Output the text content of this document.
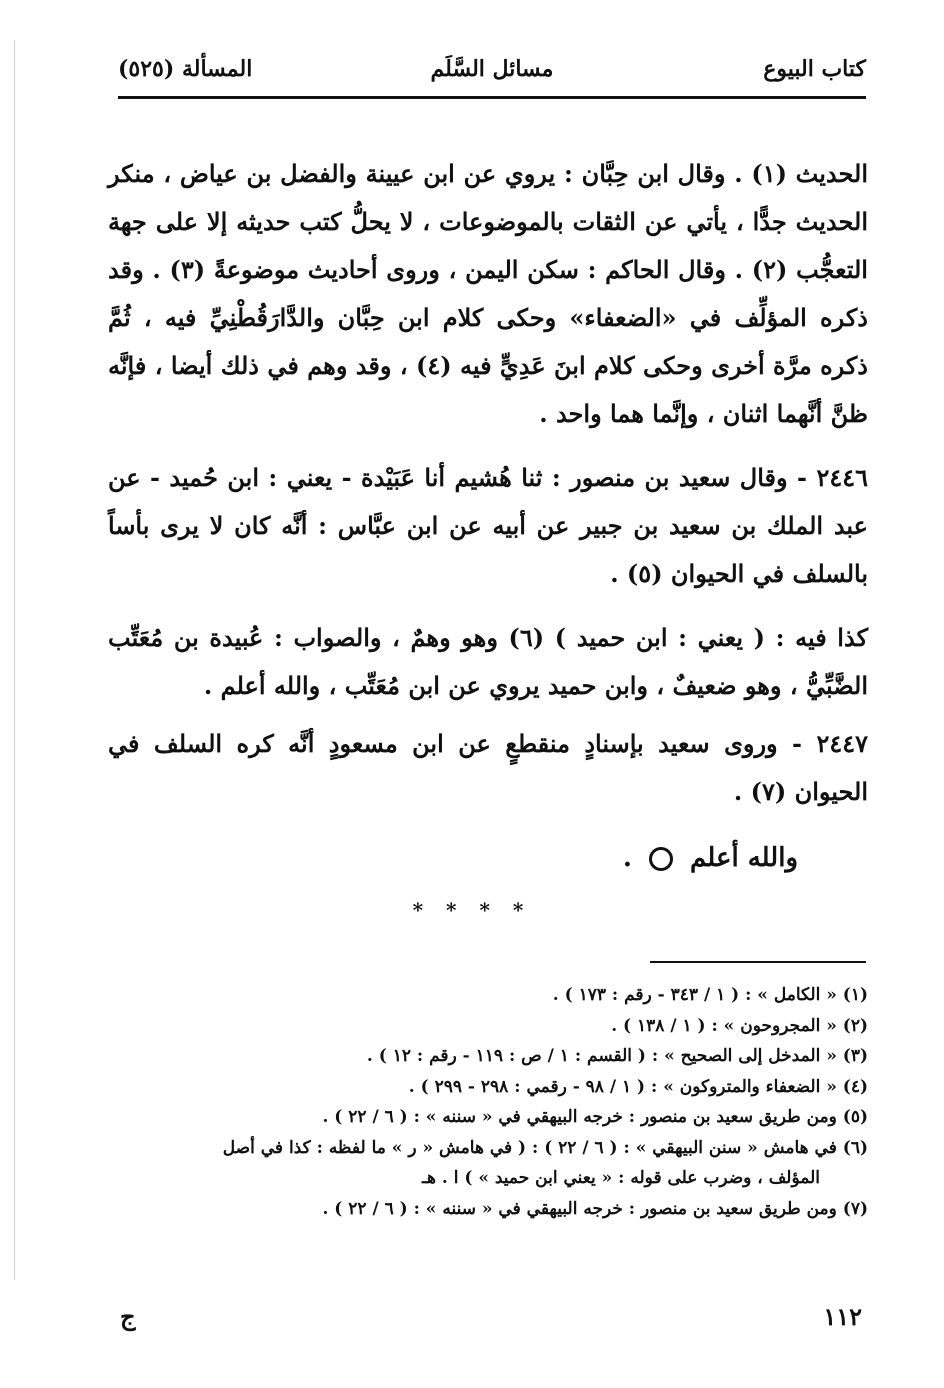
كتاب البيوع
مسائل السَّلَم
المسألة (٥٢٥)

الحديث (١) . وقال ابن حِبَّان : يروي عن ابن عيينة والفضل بن عياض ، منكر الحديث جدًّا ، يأتي عن الثقات بالموضوعات ، لا يحلُّ كتب حديثه إلا على جهة التعجُّب (٢) . وقال الحاكم : سكن اليمن ، وروى أحاديث موضوعةً (٣) . وقد ذكره المؤلِّف في «الضعفاء» وحكى كلام ابن حِبَّان والدَّارَقُطْنِيِّ فيه ، ثُمَّ ذكره مرَّة أخرى وحكى كلام ابنَ عَدِيٍّ فيه (٤) ، وقد وهم في ذلك أيضا ، فإنَّه ظنَّ أنَّهما اثنان ، وإنَّما هما واحد .

٢٤٤٦ - وقال سعيد بن منصور : ثنا هُشيم أنا عَبَيْدة - يعني : ابن حُميد - عن عبد الملك بن سعيد بن جبير عن أبيه عن ابن عبَّاس : أنَّه كان لا يرى بأساً بالسلف في الحيوان (٥) .

كذا فيه : ( يعني : ابن حميد ) (٦) وهو وهمٌ ، والصواب : عُبيدة بن مُعَتِّب الضَّبِّيُّ ، وهو ضعيفٌ ، وابن حميد يروي عن ابن مُعَتِّب ، والله أعلم .

٢٤٤٧ - وروى سعيد بإسنادٍ منقطعٍ عن ابن مسعودٍ أنَّه كره السلف في الحيوان (٧) .

والله أعلم  .
* * * *
(١) « الكامل » : ( ١ / ٣٤٣ - رقم : ١٧٣ ) .
(٢) « المجروحون » : ( ١ / ١٣٨ ) .
(٣) « المدخل إلى الصحيح » : ( القسم : ١ / ص : ١١٩ - رقم : ١٢ ) .
(٤) « الضعفاء والمتروكون » : ( ١ / ٩٨ - رقمي : ٢٩٨ - ٢٩٩ ) .
(٥) ومن طريق سعيد بن منصور : خرجه البيهقي في « سننه » : ( ٦ / ٢٢ ) .
(٦) في هامش « سنن البيهقي » : ( ٦ / ٢٢ ) : ( في هامش « ر » ما لفظه : كذا في أصل
المؤلف ، وضرب على قوله : « يعني ابن حميد » ) ا . هـ
(٧) ومن طريق سعيد بن منصور : خرجه البيهقي في « سننه » : ( ٦ / ٢٢ ) .
١١٢
ج
